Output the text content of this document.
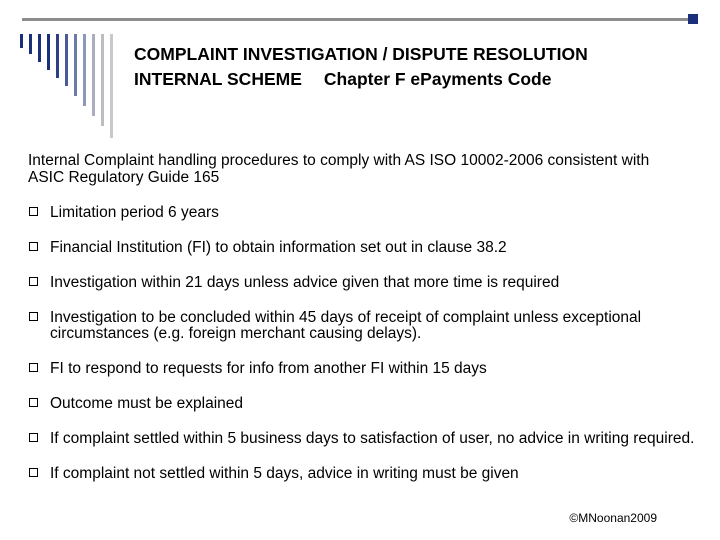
COMPLAINT INVESTIGATION / DISPUTE RESOLUTION
INTERNAL SCHEME Chapter F ePayments Code
Internal Complaint handling procedures to comply with AS ISO 10002-2006 consistent with ASIC Regulatory Guide 165
Limitation period 6 years
Financial Institution (FI) to obtain information set out in clause 38.2
Investigation within 21 days unless advice given that more time is required
Investigation to be concluded within 45 days of receipt of complaint unless exceptional circumstances (e.g. foreign merchant causing delays).
FI to respond to requests for info from another FI within 15 days
Outcome must be explained
If complaint settled within 5 business days to satisfaction of user, no advice in writing required.
If complaint not settled within 5 days, advice in writing must be given
©MNoonan2009
